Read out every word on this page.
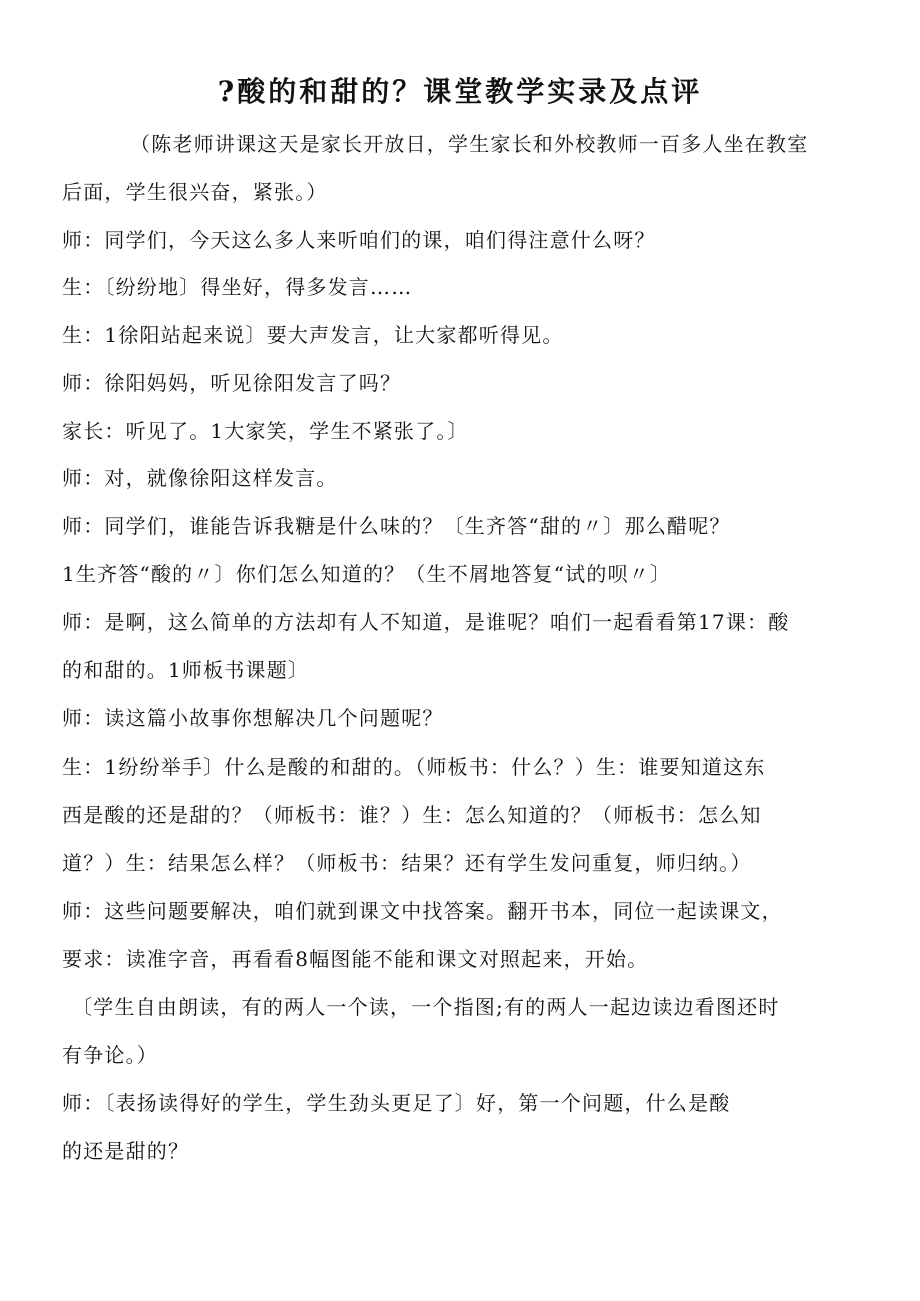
?酸的和甜的？课堂教学实录及点评
（陈老师讲课这天是家长开放日，学生家长和外校教师一百多人坐在教室
后面，学生很兴奋，紧张。）
师：同学们，今天这么多人来听咱们的课，咱们得注意什么呀？
生：〔纷纷地〕得坐好，得多发言……
生：1徐阳站起来说〕要大声发言，让大家都听得见。
师：徐阳妈妈，听见徐阳发言了吗？
家长：听见了。1大家笑，学生不紧张了。〕
师：对，就像徐阳这样发言。
师：同学们，谁能告诉我糖是什么味的？〔生齐答“甜的〃〕那么醋呢？
1生齐答“酸的〃〕你们怎么知道的？（生不屑地答复“试的呗〃〕
师：是啊，这么简单的方法却有人不知道，是谁呢？咱们一起看看第17课：酸
的和甜的。1师板书课题〕
师：读这篇小故事你想解决几个问题呢？
生：1纷纷举手〕什么是酸的和甜的。（师板书：什么？）生：谁要知道这东
西是酸的还是甜的？（师板书：谁？）生：怎么知道的？（师板书：怎么知
道？）生：结果怎么样？（师板书：结果？还有学生发问重复，师归纳。）
师：这些问题要解决，咱们就到课文中找答案。翻开书本，同位一起读课文，
要求：读准字音，再看看8幅图能不能和课文对照起来，开始。
〔学生自由朗读，有的两人一个读，一个指图;有的两人一起边读边看图还时
有争论。）
师：〔表扬读得好的学生，学生劲头更足了〕好，第一个问题，什么是酸
的还是甜的？
